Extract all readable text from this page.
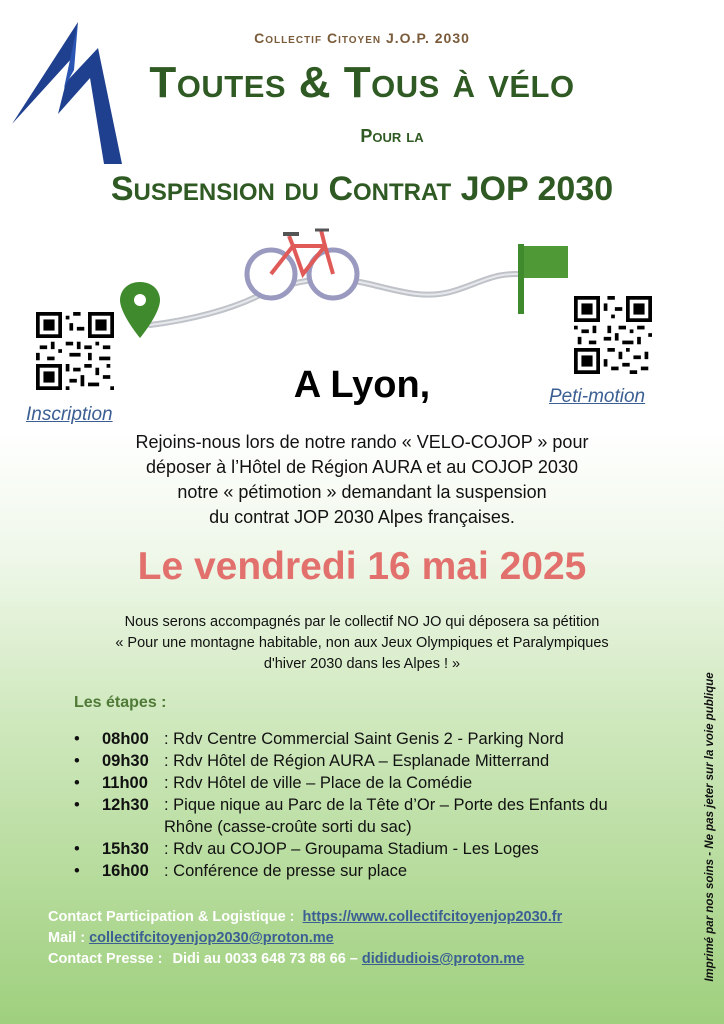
Collectif Citoyen J.O.P. 2030
Toutes & Tous à vélo
Pour la
Suspension du Contrat JOP 2030
Inscription
Peti-motion
A Lyon,
Rejoins-nous lors de notre rando « VELO-COJOP » pour
déposer à l’Hôtel de Région AURA et au COJOP 2030
notre « pétimotion » demandant la suspension
du contrat JOP 2030 Alpes françaises.
Le vendredi 16 mai 2025
Nous serons accompagnés par le collectif NO JO qui déposera sa pétition
« Pour une montagne habitable, non aux Jeux Olympiques et Paralympiques
d'hiver 2030 dans les Alpes ! »
Les étapes :
• 08h00 : Rdv Centre Commercial Saint Genis 2 - Parking Nord
• 09h30 : Rdv Hôtel de Région AURA – Esplanade Mitterrand
• 11h00 : Rdv Hôtel de ville – Place de la Comédie
• 12h30 : Pique nique au Parc de la Tête d’Or – Porte des Enfants du
Rhône (casse-croûte sorti du sac)
• 15h30 : Rdv au COJOP – Groupama Stadium - Les Loges
• 16h00 : Conférence de presse sur place
Contact Participation & Logistique : https://www.collectifcitoyenjop2030.fr
Mail : collectifcitoyenjop2030@proton.me
Contact Presse : Didi au 0033 648 73 88 66 – dididudiois@proton.me	Imprimé par nos soins - Ne pas jeter sur la voie publique
